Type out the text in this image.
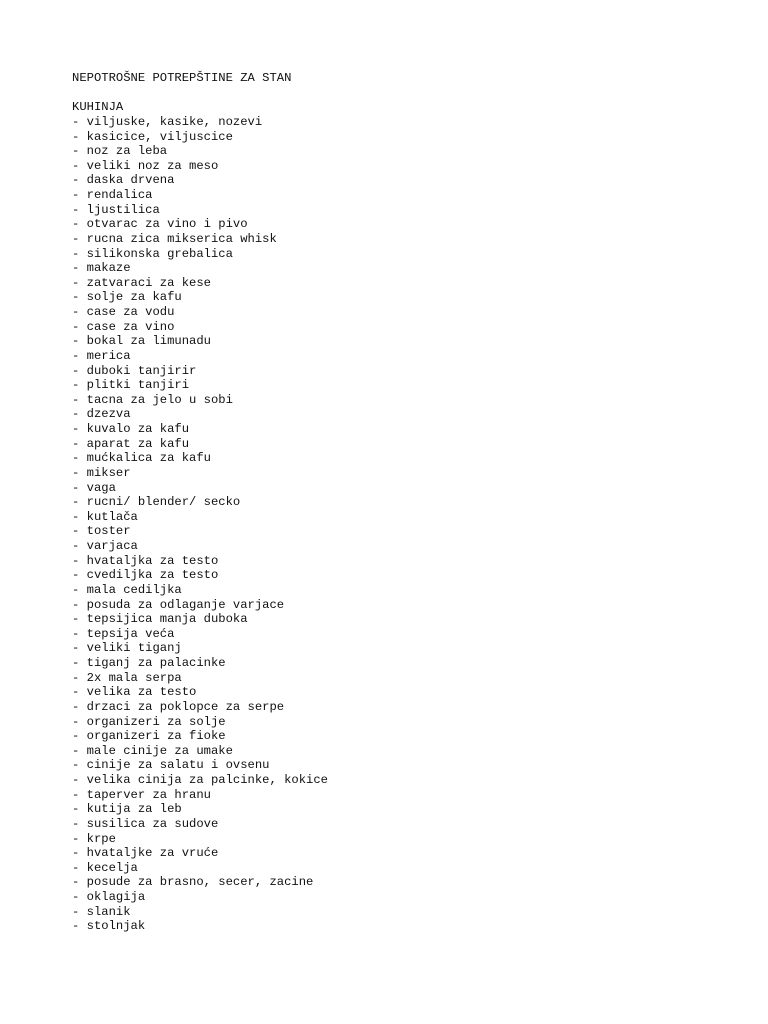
NEPOTROŠNE POTREPŠTINE ZA STAN
KUHINJA
- viljuske, kasike, nozevi
- kasicice, viljuscice
- noz za leba
- veliki noz za meso
- daska drvena
- rendalica
- ljustilica
- otvarac za vino i pivo
- rucna zica mikserica whisk
- silikonska grebalica
- makaze
- zatvaraci za kese
- solje za kafu
- case za vodu
- case za vino
- bokal za limunadu
- merica
- duboki tanjirir
- plitki tanjiri
- tacna za jelo u sobi
- dzezva
- kuvalo za kafu
- aparat za kafu
- mućkalica za kafu
- mikser
- vaga
- rucni/ blender/ secko
- kutlača
- toster
- varjaca
- hvataljka za testo
- cvediljka za testo
- mala cediljka
- posuda za odlaganje varjace
- tepsijica manja duboka
- tepsija veća
- veliki tiganj
- tiganj za palacinke
- 2x mala serpa
- velika za testo
- drzaci za poklopce za serpe
- organizeri za solje
- organizeri za fioke
- male cinije za umake
- cinije za salatu i ovsenu
- velika cinija za palcinke, kokice
- taperver za hranu
- kutija za leb
- susilica za sudove
- krpe
- hvataljke za vruće
- kecelja
- posude za brasno, secer, zacine
- oklagija
- slanik
- stolnjak
